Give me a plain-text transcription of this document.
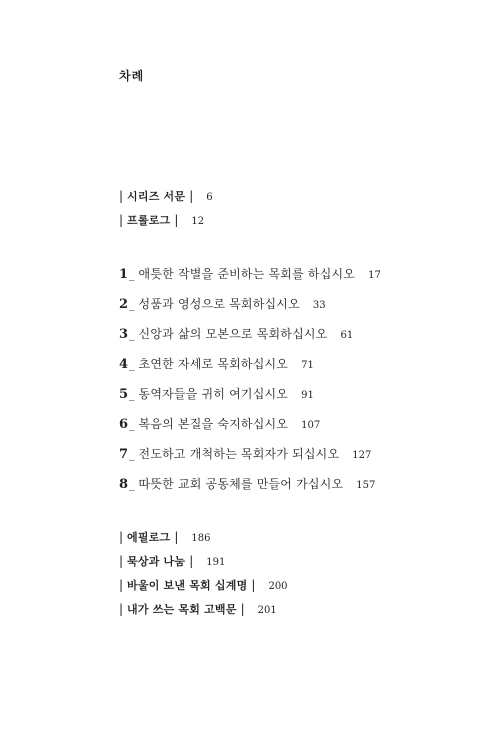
차례
| 시리즈 서문 | 6
| 프롤로그 | 12
1 _ 애틋한 작별을 준비하는 목회를 하십시오 17
2 _ 성품과 영성으로 목회하십시오 33
3 _ 신앙과 삶의 모본으로 목회하십시오 61
4 _ 초연한 자세로 목회하십시오 71
5 _ 동역자들을 귀히 여기십시오 91
6 _ 복음의 본질을 숙지하십시오 107
7 _ 전도하고 개척하는 목회자가 되십시오 127
8 _ 따뜻한 교회 공동체를 만들어 가십시오 157
| 에필로그 | 186
| 묵상과 나눔 | 191
| 바울이 보낸 목회 십계명 | 200
| 내가 쓰는 목회 고백문 | 201
